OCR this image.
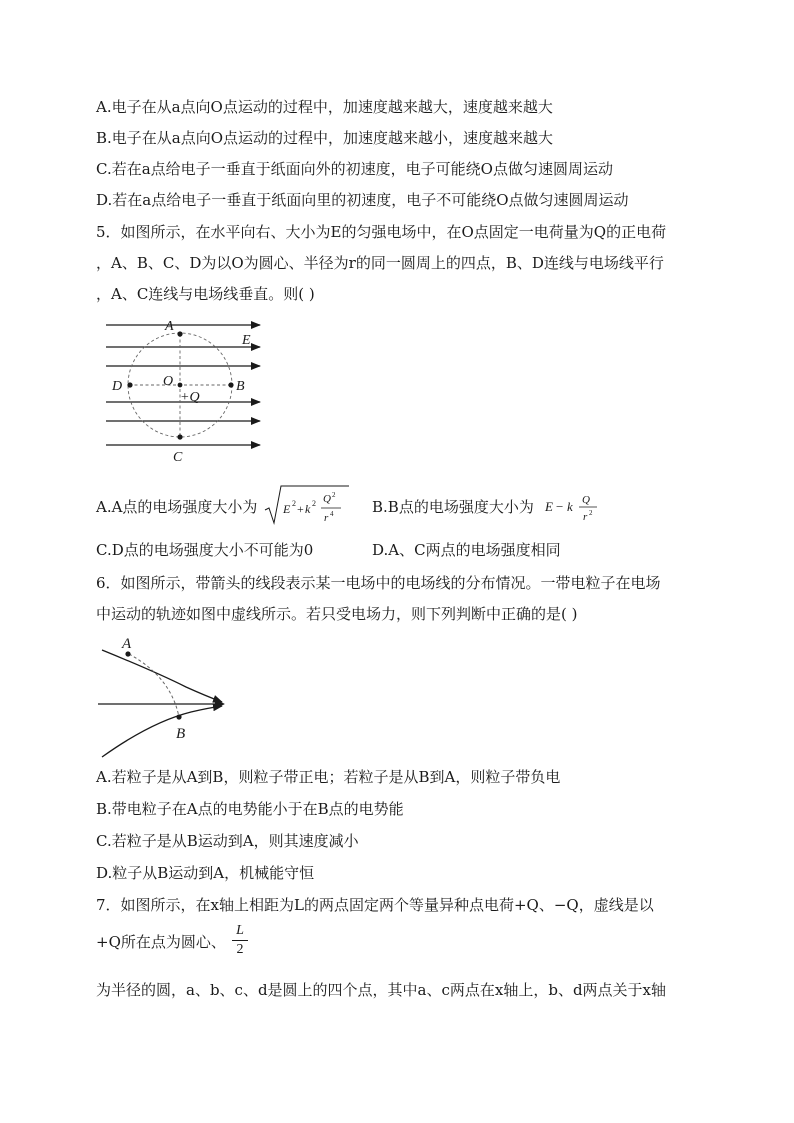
A.电子在从a点向O点运动的过程中，加速度越来越大，速度越来越大
B.电子在从a点向O点运动的过程中，加速度越来越小，速度越来越大
C.若在a点给电子一垂直于纸面向外的初速度，电子可能绕O点做匀速圆周运动
D.若在a点给电子一垂直于纸面向里的初速度，电子不可能绕O点做匀速圆周运动
5．如图所示，在水平向右、大小为E的匀强电场中，在O点固定一电荷量为Q的正电荷
，A、B、C、D为以O为圆心、半径为r的同一圆周上的四点，B、D连线与电场线平行
，A、C连线与电场线垂直。则( )
A
E
O
D	B
+Q
C
A.A点的电场强度大小为 E 2 + k 2 Q 2
r 4	B.B点的电场强度大小为 E − k Q
r 2
C.D点的电场强度大小不可能为0	D.A、C两点的电场强度相同
6．如图所示，带箭头的线段表示某一电场中的电场线的分布情况。一带电粒子在电场
中运动的轨迹如图中虚线所示。若只受电场力，则下列判断中正确的是( )
A
B
A.若粒子是从A到B，则粒子带正电；若粒子是从B到A，则粒子带负电
B.带电粒子在A点的电势能小于在B点的电势能
C.若粒子是从B运动到A，则其速度减小
D.粒子从B运动到A，机械能守恒
7．如图所示，在x轴上相距为L的两点固定两个等量异种点电荷+Q、−Q，虚线是以
+Q所在点为圆心、 $\frac{L}{2}$
为半径的圆，a、b、c、d是圆上的四个点，其中a、c两点在x轴上，b、d两点关于x轴
